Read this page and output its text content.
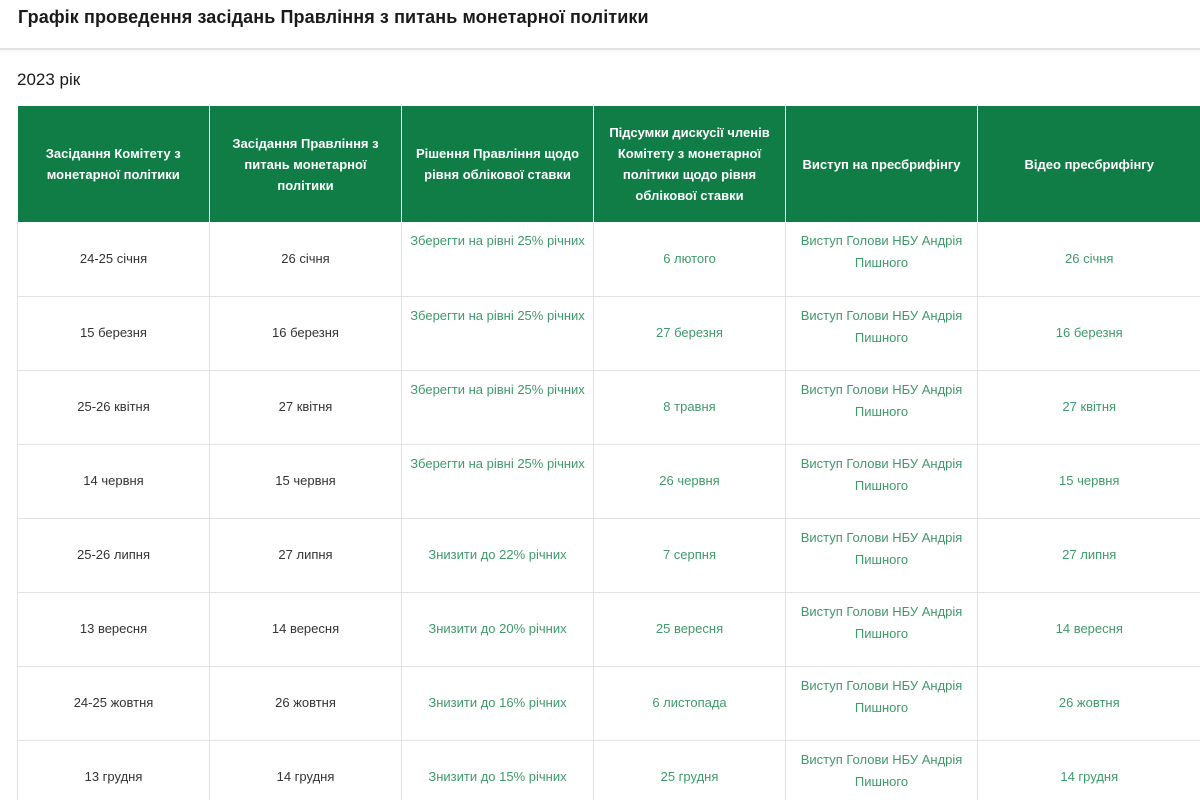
Графік проведення засідань Правління з питань монетарної політики
2023 рік
Засідання Комітету з монетарної політики	Засідання Правління з питань монетарної політики	Рішення Правління щодо рівня облікової ставки	Підсумки дискусії членів Комітету з монетарної політики щодо рівня облікової ставки	Виступ на пресбрифінгу	Відео пресбрифінгу
24-25 січня	26 січня	Зберегти на рівні 25% річних	6 лютого	Виступ Голови НБУ Андрія Пишного	26 січня
15 березня	16 березня	Зберегти на рівні 25% річних	27 березня	Виступ Голови НБУ Андрія Пишного	16 березня
25-26 квітня	27 квітня	Зберегти на рівні 25% річних	8 травня	Виступ Голови НБУ Андрія Пишного	27 квітня
14 червня	15 червня	Зберегти на рівні 25% річних	26 червня	Виступ Голови НБУ Андрія Пишного	15 червня
25-26 липня	27 липня	Знизити до 22% річних	7 серпня	Виступ Голови НБУ Андрія Пишного	27 липня
13 вересня	14 вересня	Знизити до 20% річних	25 вересня	Виступ Голови НБУ Андрія Пишного	14 вересня
24-25 жовтня	26 жовтня	Знизити до 16% річних	6 листопада	Виступ Голови НБУ Андрія Пишного	26 жовтня
13 грудня	14 грудня	Знизити до 15% річних	25 грудня	Виступ Голови НБУ Андрія Пишного	14 грудня
